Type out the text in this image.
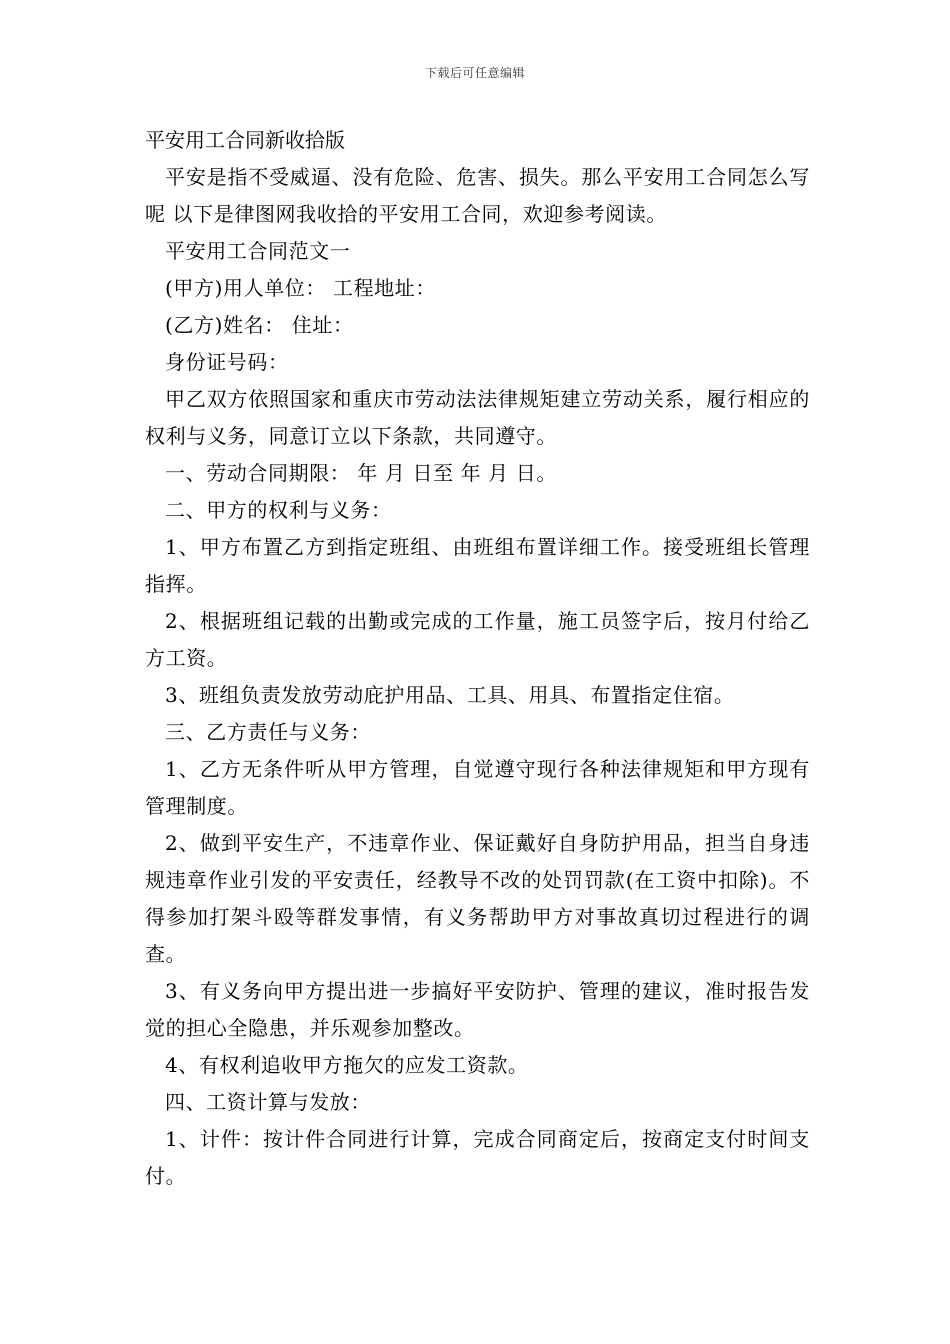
下载后可任意编辑
平安用工合同新收拾版

平安是指不受威逼、没有危险、危害、损失。那么平安用工合同怎么写呢 以下是律图网我收拾的平安用工合同，欢迎参考阅读。

平安用工合同范文一

(甲方)用人单位： 工程地址：

(乙方)姓名： 住址：

身份证号码：

甲乙双方依照国家和重庆市劳动法法律规矩建立劳动关系，履行相应的权利与义务，同意订立以下条款，共同遵守。

一、劳动合同期限： 年 月 日至 年 月 日。

二、甲方的权利与义务：

1、甲方布置乙方到指定班组、由班组布置详细工作。接受班组长管理指挥。

2、根据班组记载的出勤或完成的工作量，施工员签字后，按月付给乙方工资。

3、班组负责发放劳动庇护用品、工具、用具、布置指定住宿。

三、乙方责任与义务：

1、乙方无条件听从甲方管理，自觉遵守现行各种法律规矩和甲方现有管理制度。

2、做到平安生产，不违章作业、保证戴好自身防护用品，担当自身违规违章作业引发的平安责任，经教导不改的处罚罚款(在工资中扣除)。不得参加打架斗殴等群发事情，有义务帮助甲方对事故真切过程进行的调查。

3、有义务向甲方提出进一步搞好平安防护、管理的建议，准时报告发觉的担心全隐患，并乐观参加整改。

4、有权利追收甲方拖欠的应发工资款。

四、工资计算与发放：

1、计件：按计件合同进行计算，完成合同商定后，按商定支付时间支付。
